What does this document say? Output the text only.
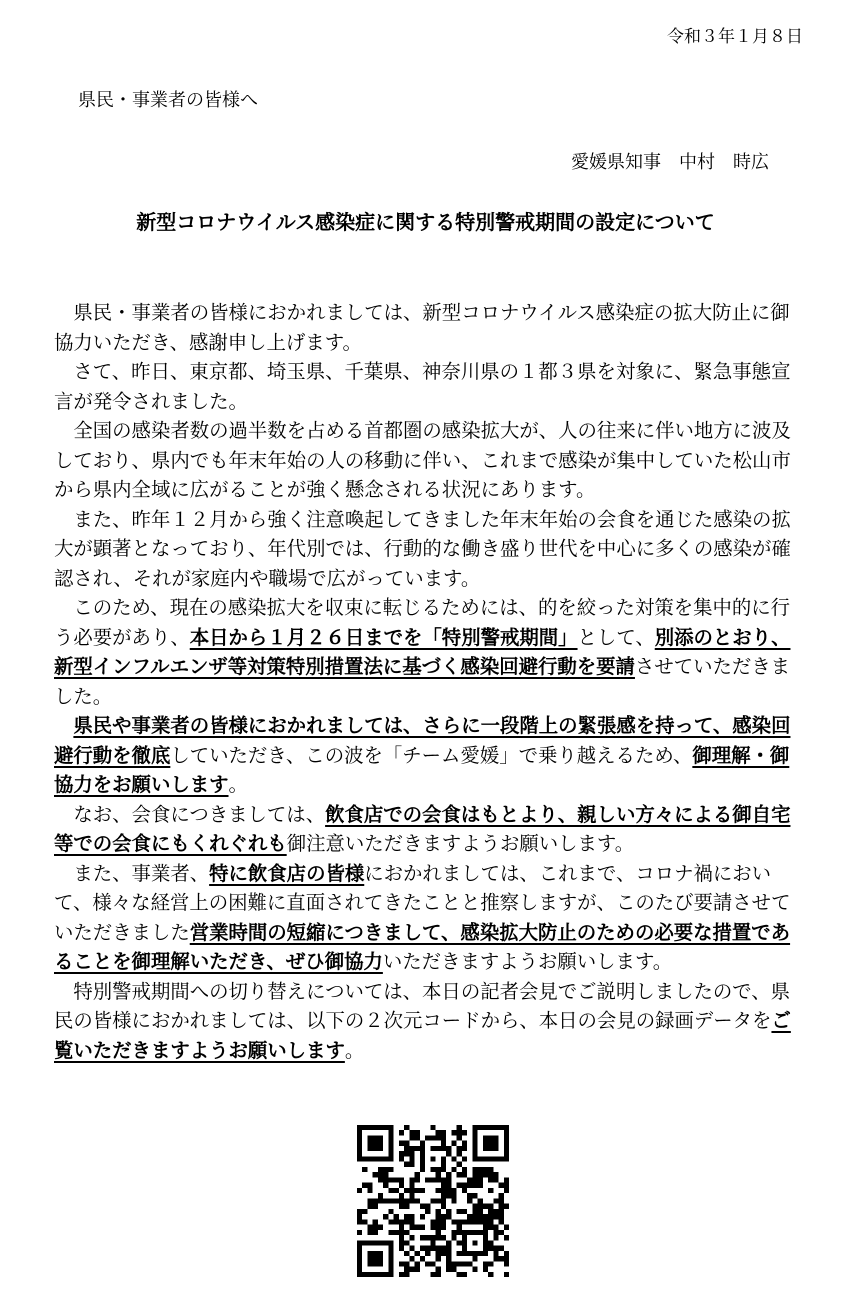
令和３年１月８日
県民・事業者の皆様へ
愛媛県知事　中村　時広
新型コロナウイルス感染症に関する特別警戒期間の設定について

県民・事業者の皆様におかれましては、新型コロナウイルス感染症の拡大防止に御協力いただき、感謝申し上げます。

さて、昨日、東京都、埼玉県、千葉県、神奈川県の１都３県を対象に、緊急事態宣言が発令されました。

全国の感染者数の過半数を占める首都圏の感染拡大が、人の往来に伴い地方に波及しており、県内でも年末年始の人の移動に伴い、これまで感染が集中していた松山市から県内全域に広がることが強く懸念される状況にあります。

また、昨年１２月から強く注意喚起してきました年末年始の会食を通じた感染の拡大が顕著となっており、年代別では、行動的な働き盛り世代を中心に多くの感染が確認され、それが家庭内や職場で広がっています。

このため、現在の感染拡大を収束に転じるためには、的を絞った対策を集中的に行う必要があり、本日から１月２６日までを「特別警戒期間」として、別添のとおり、新型インフルエンザ等対策特別措置法に基づく感染回避行動を要請させていただきました。

県民や事業者の皆様におかれましては、さらに一段階上の緊張感を持って、感染回避行動を徹底していただき、この波を「チーム愛媛」で乗り越えるため、御理解・御協力をお願いします。

なお、会食につきましては、飲食店での会食はもとより、親しい方々による御自宅等での会食にもくれぐれも御注意いただきますようお願いします。

また、事業者、特に飲食店の皆様におかれましては、これまで、コロナ禍において、様々な経営上の困難に直面されてきたことと推察しますが、このたび要請させていただきました営業時間の短縮につきまして、感染拡大防止のための必要な措置であることを御理解いただき、ぜひ御協力いただきますようお願いします。

特別警戒期間への切り替えについては、本日の記者会見でご説明しましたので、県民の皆様におかれましては、以下の２次元コードから、本日の会見の録画データをご覧いただきますようお願いします。
